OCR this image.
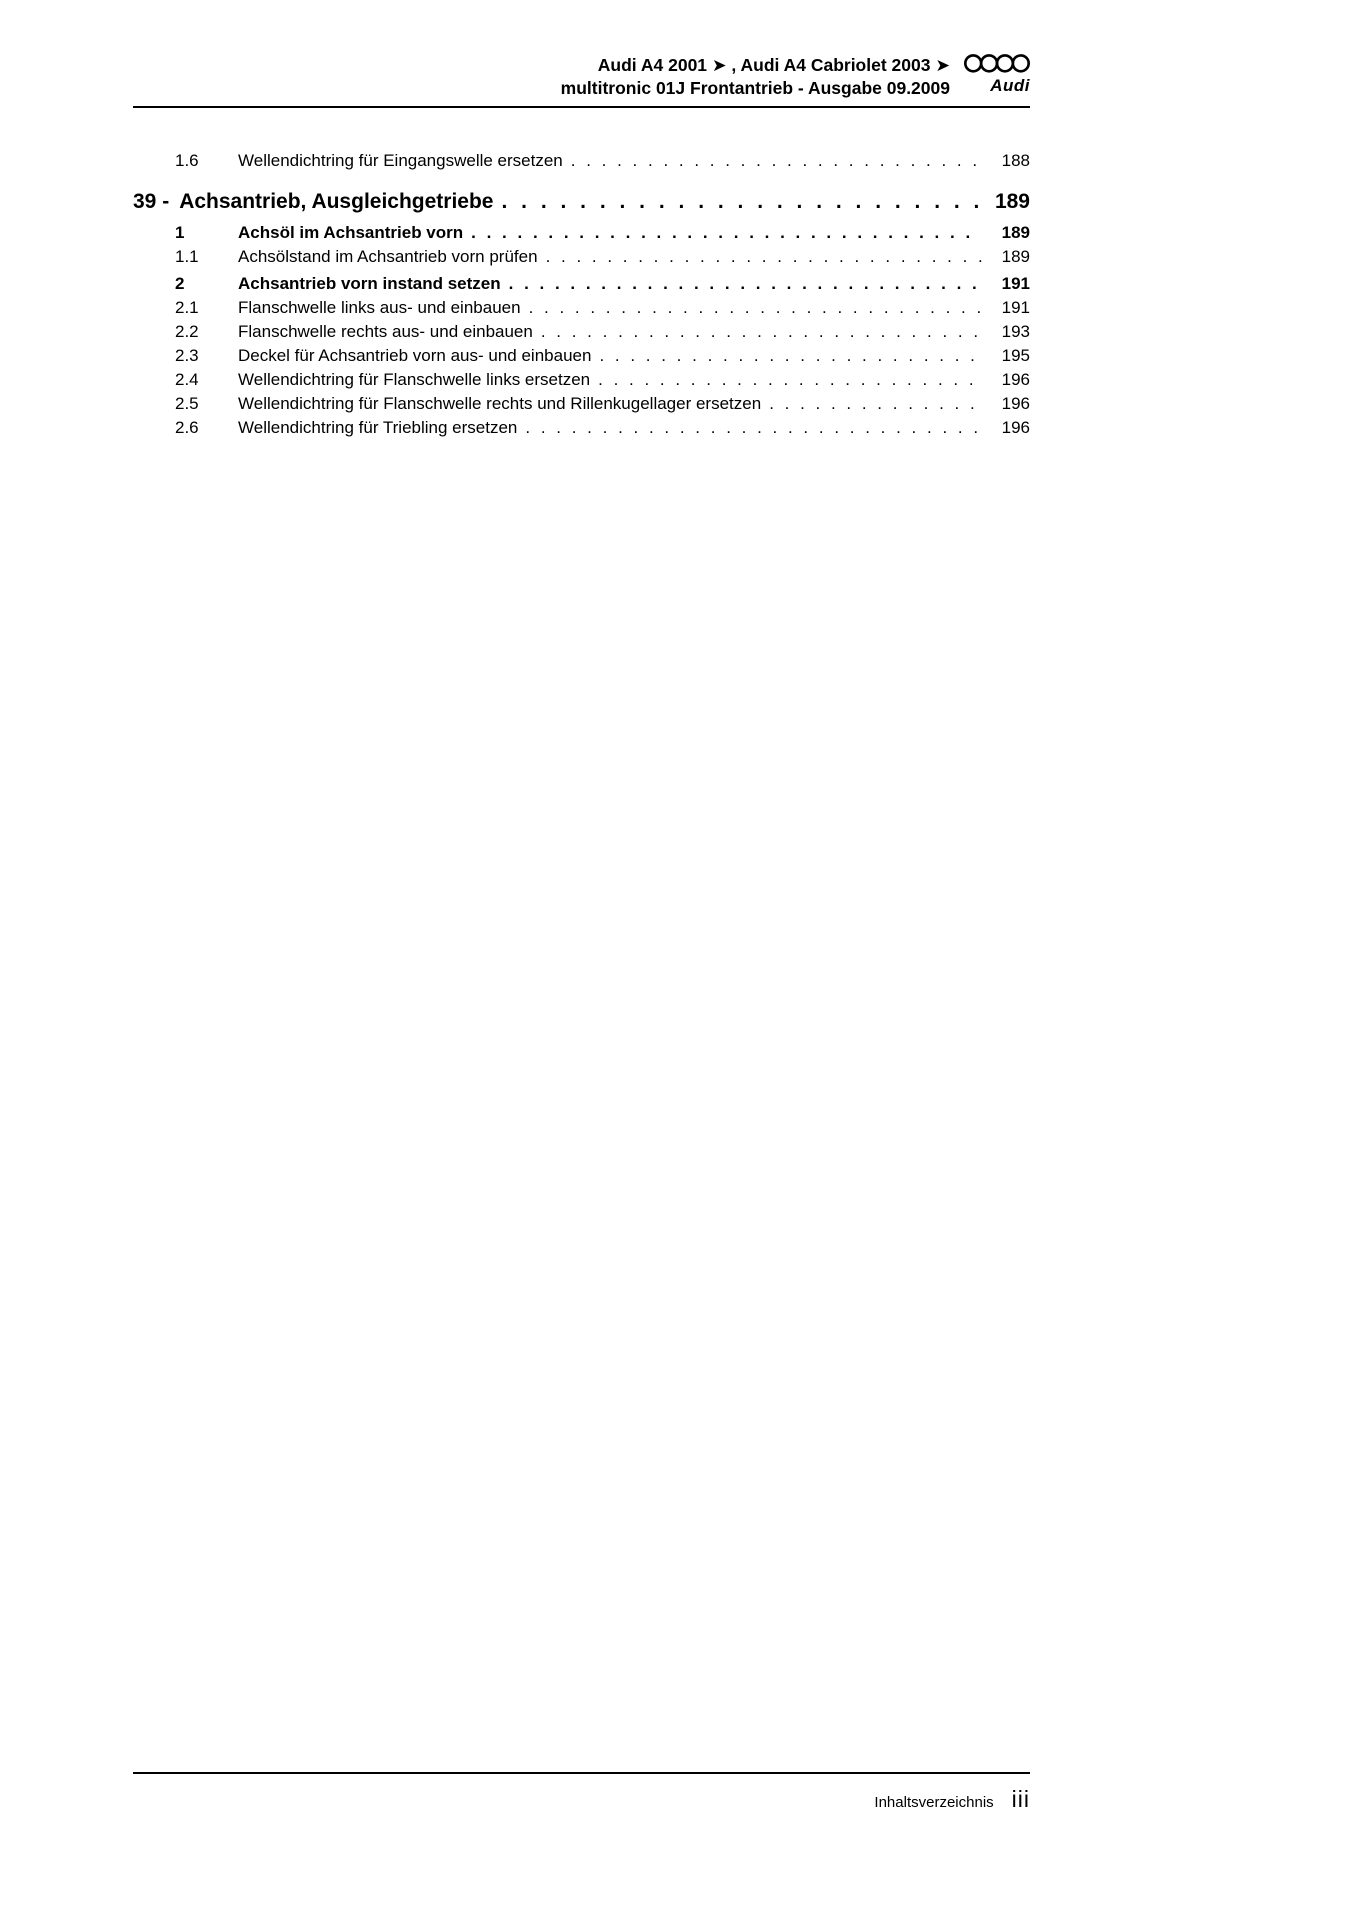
Audi A4 2001 ➤ , Audi A4 Cabriolet 2003 ➤
multitronic 01J Frontantrieb - Ausgabe 09.2009	Audi
1.6	Wellendichtring für Eingangswelle ersetzen . . .	188
39 - Achsantrieb, Ausgleichgetriebe . . .	189
1	Achsöl im Achsantrieb vorn . . .	189
1.1	Achsölstand im Achsantrieb vorn prüfen . . .	189
2	Achsantrieb vorn instand setzen . . .	191
2.1	Flanschwelle links aus- und einbauen . . .	191
2.2	Flanschwelle rechts aus- und einbauen . . .	193
2.3	Deckel für Achsantrieb vorn aus- und einbauen . . .	195
2.4	Wellendichtring für Flanschwelle links ersetzen . . .	196
2.5	Wellendichtring für Flanschwelle rechts und Rillenkugellager ersetzen . . .	196
2.6	Wellendichtring für Triebling ersetzen . . .	196
Inhaltsverzeichnis iii
